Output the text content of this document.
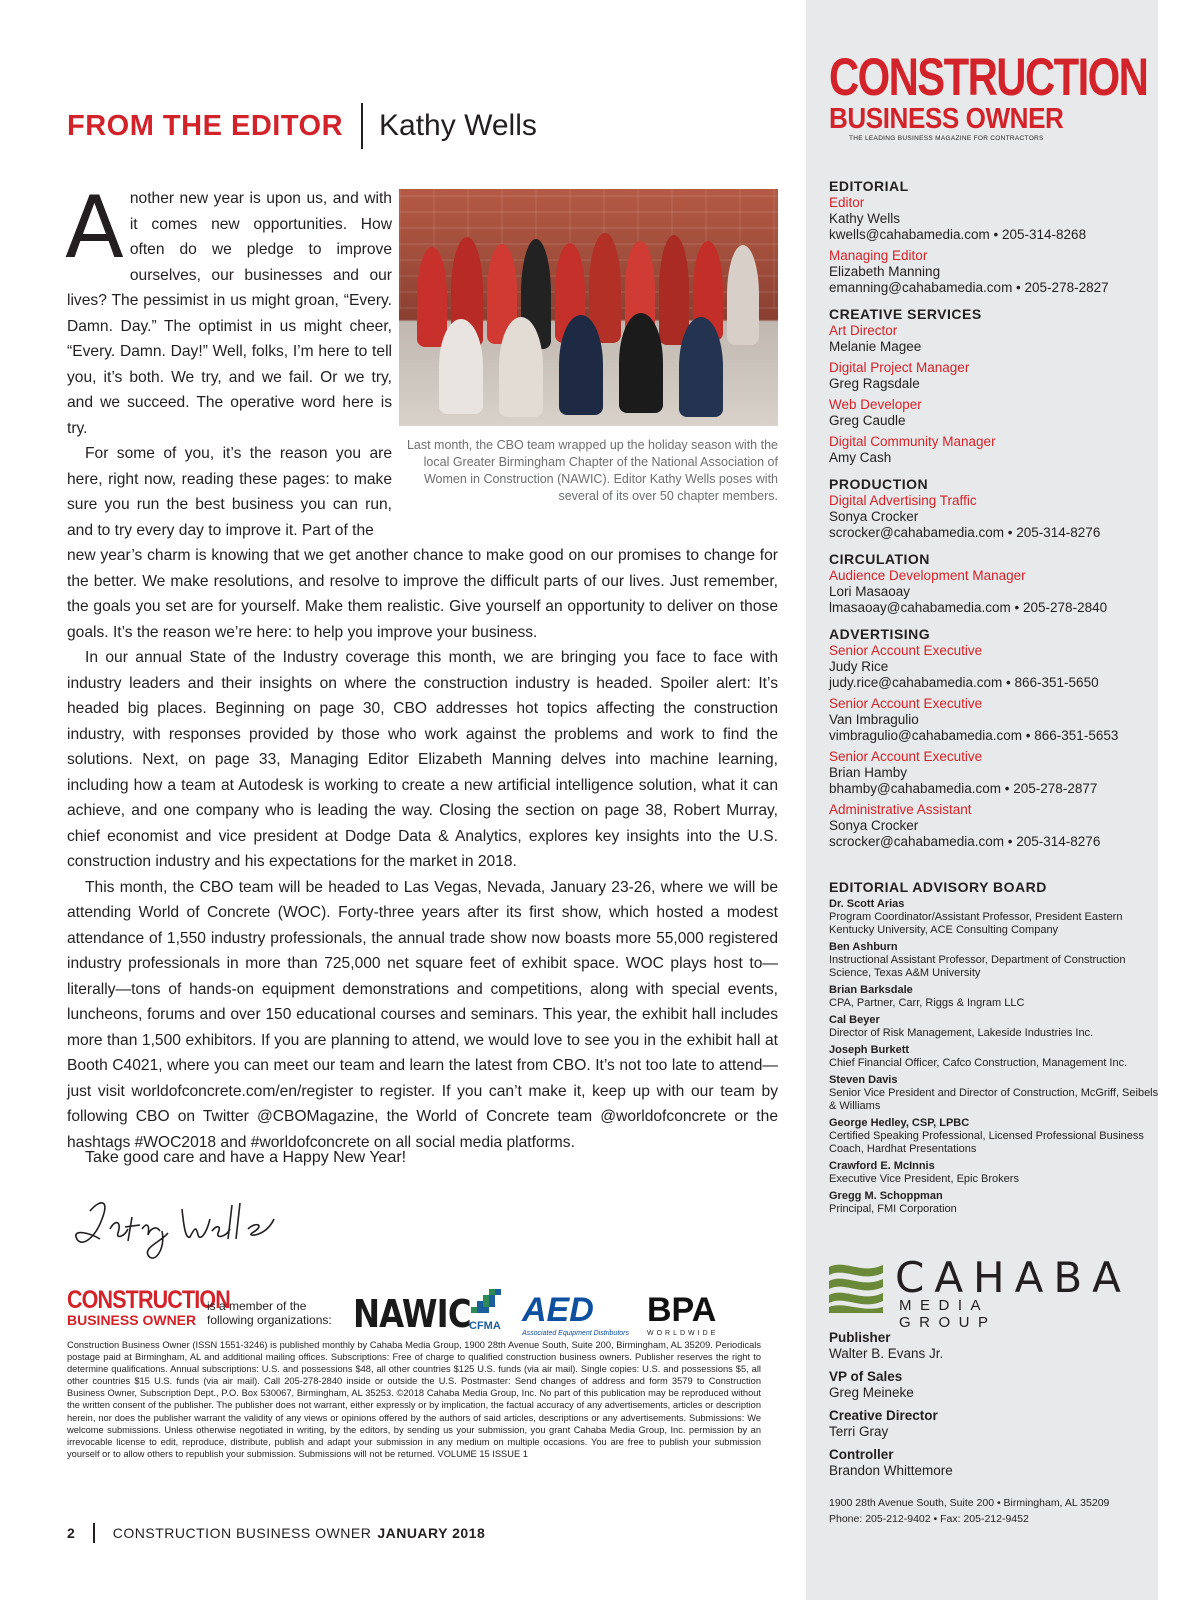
FROM THE EDITOR Kathy Wells
Last month, the CBO team wrapped up the holiday season with the local Greater Birmingham Chapter of the National Association of Women in Construction (NAWIC). Editor Kathy Wells poses with several of its over 50 chapter members.
A nother new year is upon us, and with it comes new opportunities. How often do we pledge to improve ourselves, our businesses and our lives? The pessimist in us might groan, “Every. Damn. Day.” The optimist in us might cheer, “Every. Damn. Day!” Well, folks, I’m here to tell you, it’s both. We try, and we fail. Or we try, and we succeed. The operative word here is try.

For some of you, it’s the reason you are here, right now, reading these pages: to make sure you run the best business you can run, and to try every day to improve it. Part of the

new year’s charm is knowing that we get another chance to make good on our promises to change for the better. We make resolutions, and resolve to improve the difficult parts of our lives. Just remember, the goals you set are for yourself. Make them realistic. Give yourself an opportunity to deliver on those goals. It’s the reason we’re here: to help you improve your business.

In our annual State of the Industry coverage this month, we are bringing you face to face with industry leaders and their insights on where the construction industry is headed. Spoiler alert: It’s headed big places. Beginning on page 30, CBO addresses hot topics affecting the construction industry, with responses provided by those who work against the problems and work to find the solutions. Next, on page 33, Managing Editor Elizabeth Manning delves into machine learning, including how a team at Autodesk is working to create a new artificial intelligence solution, what it can achieve, and one company who is leading the way. Closing the section on page 38, Robert Murray, chief economist and vice president at Dodge Data & Analytics, explores key insights into the U.S. construction industry and his expectations for the market in 2018.

This month, the CBO team will be headed to Las Vegas, Nevada, January 23-26, where we will be attending World of Concrete (WOC). Forty-three years after its first show, which hosted a modest attendance of 1,550 industry professionals, the annual trade show now boasts more 55,000 registered industry professionals in more than 725,000 net square feet of exhibit space. WOC plays host to—literally—tons of hands-on equipment demonstrations and competitions, along with special events, luncheons, forums and over 150 educational courses and seminars. This year, the exhibit hall includes more than 1,500 exhibitors. If you are planning to attend, we would love to see you in the exhibit hall at Booth C4021, where you can meet our team and learn the latest from CBO. It’s not too late to attend—just visit worldofconcrete.com/en/register to register. If you can’t make it, keep up with our team by following CBO on Twitter @CBOMagazine, the World of Concrete team @worldofconcrete or the hashtags #WOC2018 and #worldofconcrete on all social media platforms.

Take good care and have a Happy New Year!
CONSTRUCTION
BUSINESS OWNER
is a member of the
following organizations: NAWIC
CFMA AED
Associated Equipment Distributors
BPA
WORLDWIDE
Construction Business Owner (ISSN 1551-3246) is published monthly by Cahaba Media Group, 1900 28th Avenue South, Suite 200, Birmingham, AL 35209. Periodicals postage paid at Birmingham, AL and additional mailing offices. Subscriptions: Free of charge to qualified construction business owners. Publisher reserves the right to determine qualifications. Annual subscriptions: U.S. and possessions $48, all other countries $125 U.S. funds (via air mail). Single copies: U.S. and possessions $5, all other countries $15 U.S. funds (via air mail). Call 205-278-2840 inside or outside the U.S. Postmaster: Send changes of address and form 3579 to Construction Business Owner, Subscription Dept., P.O. Box 530067, Birmingham, AL 35253. ©2018 Cahaba Media Group, Inc. No part of this publication may be reproduced without the written consent of the publisher. The publisher does not warrant, either expressly or by implication, the factual accuracy of any advertisements, articles or description herein, nor does the publisher warrant the validity of any views or opinions offered by the authors of said articles, descriptions or any advertisements. Submissions: We welcome submissions. Unless otherwise negotiated in writing, by the editors, by sending us your submission, you grant Cahaba Media Group, Inc. permission by an irrevocable license to edit, reproduce, distribute, publish and adapt your submission in any medium on multiple occasions. You are free to publish your submission yourself or to allow others to republish your submission. Submissions will not be returned. VOLUME 15 ISSUE 1
2	CONSTRUCTION BUSINESS OWNER JANUARY 2018
CONSTRUCTION
BUSINESS OWNER
THE LEADING BUSINESS MAGAZINE FOR CONTRACTORS
EDITORIAL
Editor
Kathy Wells
kwells@cahabamedia.com • 205-314-8268
Managing Editor
Elizabeth Manning
emanning@cahabamedia.com • 205-278-2827
CREATIVE SERVICES
Art Director
Melanie Magee
Digital Project Manager
Greg Ragsdale
Web Developer
Greg Caudle
Digital Community Manager
Amy Cash
PRODUCTION
Digital Advertising Traffic
Sonya Crocker
scrocker@cahabamedia.com • 205-314-8276
CIRCULATION
Audience Development Manager
Lori Masaoay
lmasaoay@cahabamedia.com • 205-278-2840
ADVERTISING
Senior Account Executive
Judy Rice
judy.rice@cahabamedia.com • 866-351-5650
Senior Account Executive
Van Imbragulio
vimbragulio@cahabamedia.com • 866-351-5653
Senior Account Executive
Brian Hamby
bhamby@cahabamedia.com • 205-278-2877
Administrative Assistant
Sonya Crocker
scrocker@cahabamedia.com • 205-314-8276
EDITORIAL ADVISORY BOARD
Dr. Scott Arias
Program Coordinator/Assistant Professor, President Eastern Kentucky University, ACE Consulting Company
Ben Ashburn
Instructional Assistant Professor, Department of Construction Science, Texas A&M University
Brian Barksdale
CPA, Partner, Carr, Riggs & Ingram LLC
Cal Beyer
Director of Risk Management, Lakeside Industries Inc.
Joseph Burkett
Chief Financial Officer, Cafco Construction, Management Inc.
Steven Davis
Senior Vice President and Director of Construction, McGriff, Seibels & Williams
George Hedley, CSP, LPBC
Certified Speaking Professional, Licensed Professional Business Coach, Hardhat Presentations
Crawford E. McInnis
Executive Vice President, Epic Brokers
Gregg M. Schoppman
Principal, FMI Corporation
CAHABA
MEDIA GROUP
Publisher
Walter B. Evans Jr.
VP of Sales
Greg Meineke
Creative Director
Terri Gray
Controller
Brandon Whittemore
1900 28th Avenue South, Suite 200 • Birmingham, AL 35209
Phone: 205-212-9402 • Fax: 205-212-9452
